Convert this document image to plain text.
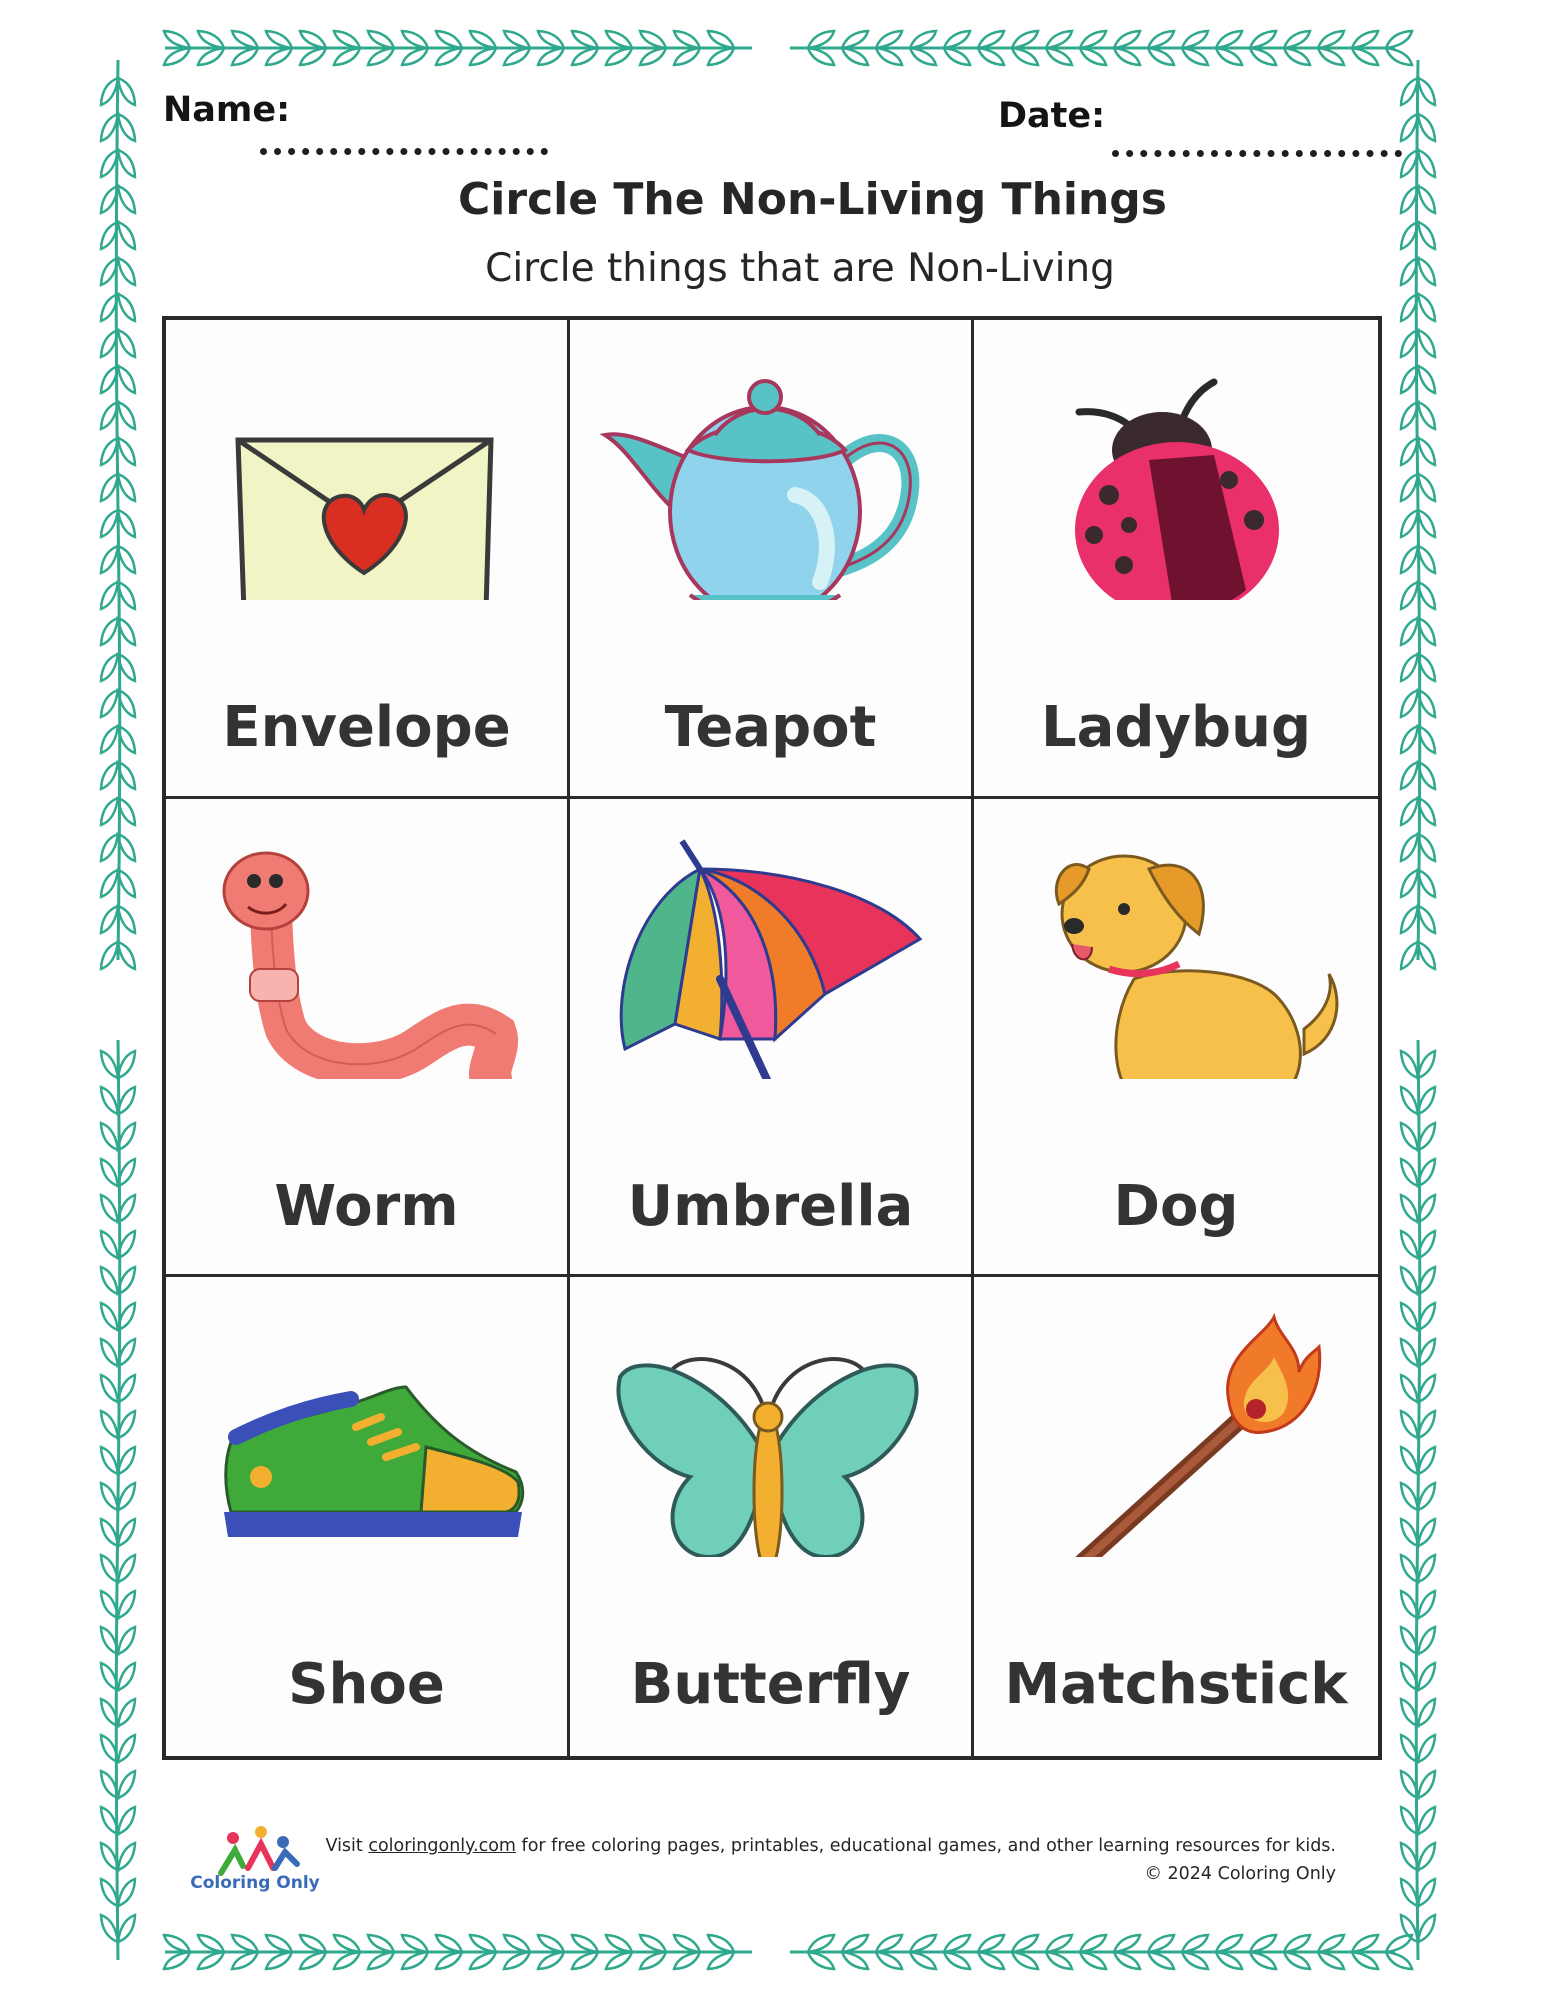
Name:	Date:
Circle The Non-Living Things
Circle things that are Non-Living
Envelope	Teapot	Ladybug
Worm	Umbrella	Dog
Shoe	Butterfly	Matchstick
Coloring Only
Visit coloringonly.com for free coloring pages, printables, educational games, and other learning resources for kids.
© 2024 Coloring Only
